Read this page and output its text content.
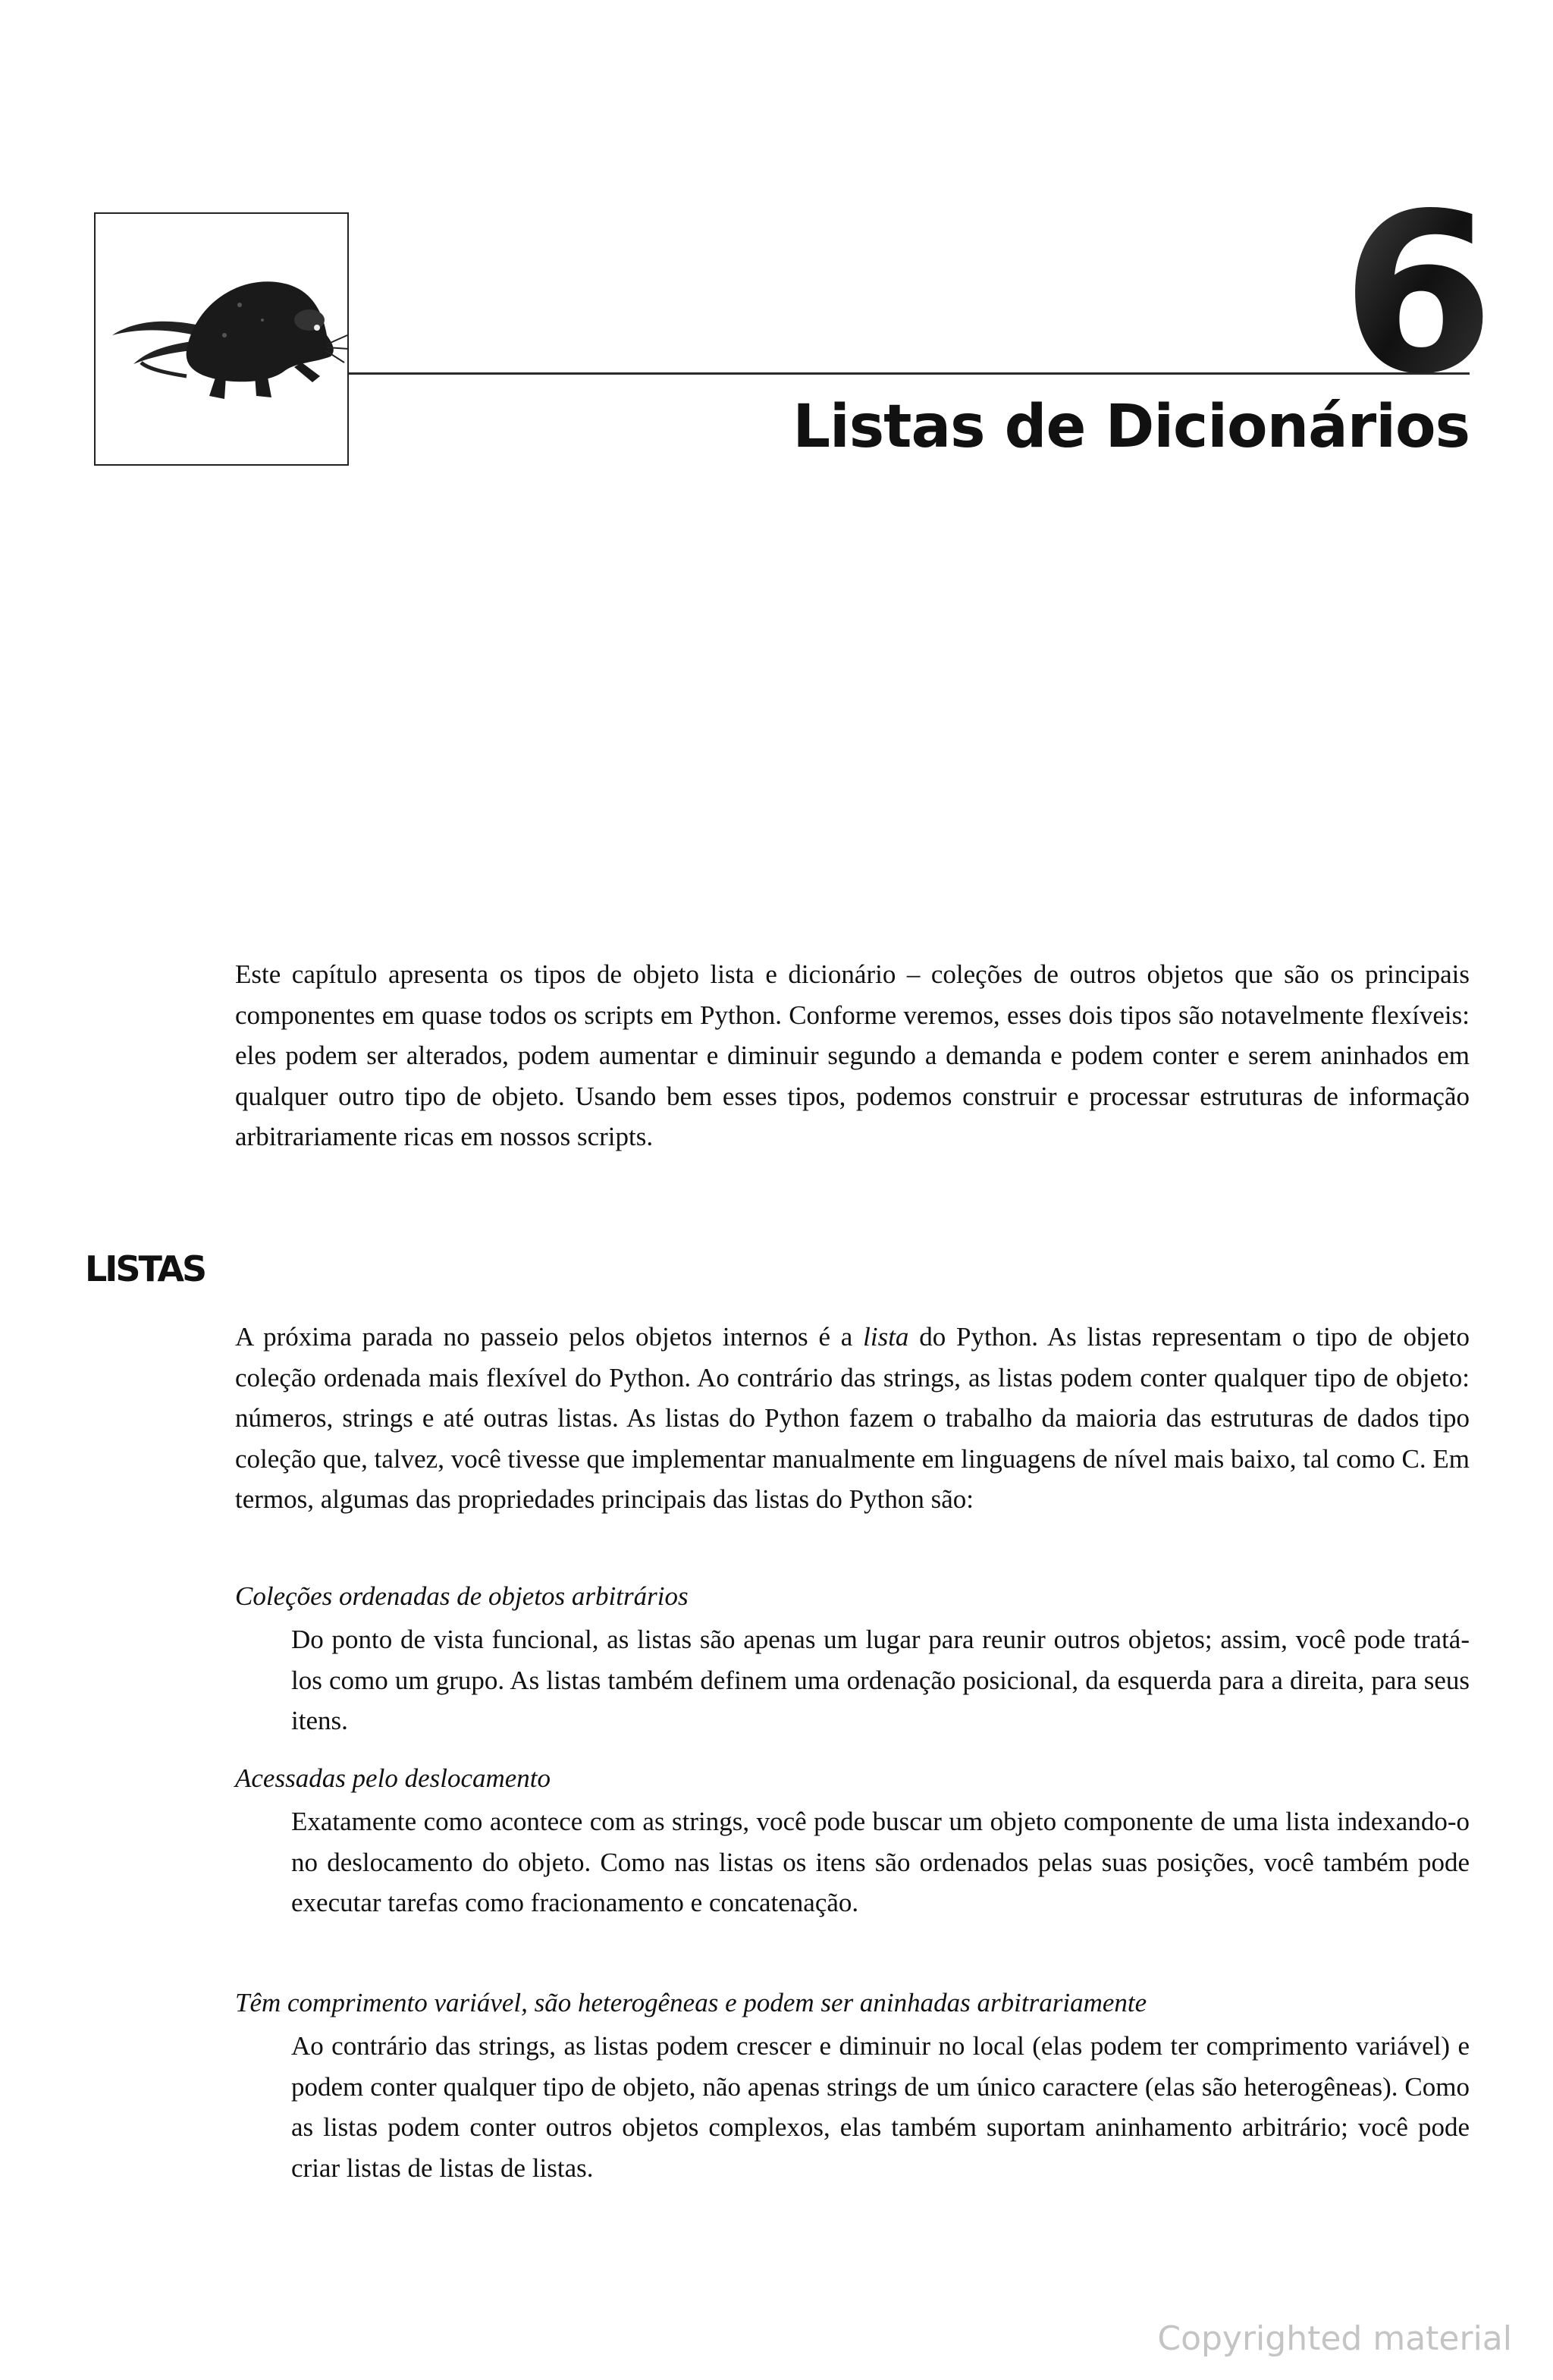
6
Listas de Dicionários

Este capítulo apresenta os tipos de objeto lista e dicionário – coleções de outros objetos que são os principais componentes em quase todos os scripts em Python. Conforme veremos, esses dois tipos são notavelmente flexíveis: eles podem ser alterados, podem aumentar e diminuir segundo a demanda e podem conter e serem aninhados em qualquer outro tipo de objeto. Usando bem esses tipos, podemos construir e processar estruturas de informação arbitrariamente ricas em nossos scripts.

LISTAS

A próxima parada no passeio pelos objetos internos é a lista do Python. As listas representam o tipo de objeto coleção ordenada mais flexível do Python. Ao contrário das strings, as listas podem conter qualquer tipo de objeto: números, strings e até outras listas. As listas do Python fazem o trabalho da maioria das estruturas de dados tipo coleção que, talvez, você tivesse que implementar manualmente em linguagens de nível mais baixo, tal como C. Em termos, algumas das propriedades principais das listas do Python são:

Coleções ordenadas de objetos arbitrários

Do ponto de vista funcional, as listas são apenas um lugar para reunir outros objetos; assim, você pode tratá-los como um grupo. As listas também definem uma ordenação posicional, da esquerda para a direita, para seus itens.

Acessadas pelo deslocamento

Exatamente como acontece com as strings, você pode buscar um objeto componente de uma lista indexando-o no deslocamento do objeto. Como nas listas os itens são ordenados pelas suas posições, você também pode executar tarefas como fracionamento e concatenação.

Têm comprimento variável, são heterogêneas e podem ser aninhadas arbitrariamente

Ao contrário das strings, as listas podem crescer e diminuir no local (elas podem ter comprimento variável) e podem conter qualquer tipo de objeto, não apenas strings de um único caractere (elas são heterogêneas). Como as listas podem conter outros objetos complexos, elas também suportam aninhamento arbitrário; você pode criar listas de listas de listas.

Copyrighted material
